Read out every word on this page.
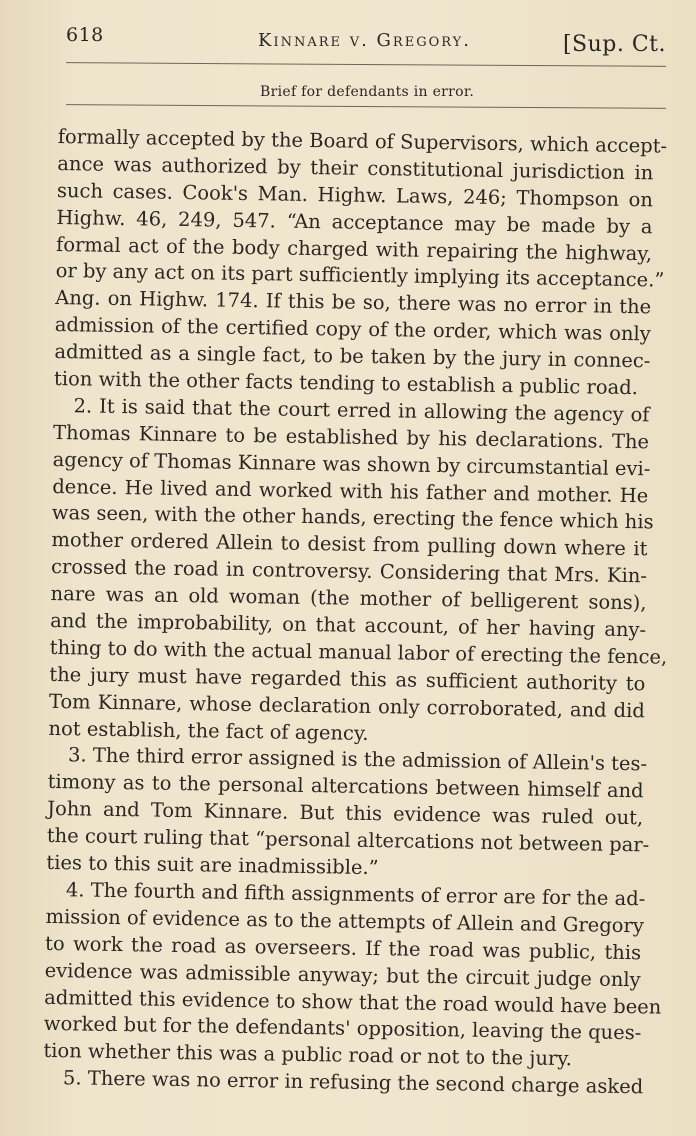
618	Kinnare v. Gregory.	[Sup. Ct.
Brief for defendants in error.
formally accepted by the Board of Supervisors, which accept-
ance was authorized by their constitutional jurisdiction in
such cases. Cook's Man. Highw. Laws, 246; Thompson on
Highw. 46, 249, 547. “An acceptance may be made by a
formal act of the body charged with repairing the highway,
or by any act on its part sufficiently implying its acceptance.”
Ang. on Highw. 174. If this be so, there was no error in the
admission of the certified copy of the order, which was only
admitted as a single fact, to be taken by the jury in connec-
tion with the other facts tending to establish a public road.
2. It is said that the court erred in allowing the agency of
Thomas Kinnare to be established by his declarations. The
agency of Thomas Kinnare was shown by circumstantial evi-
dence. He lived and worked with his father and mother. He
was seen, with the other hands, erecting the fence which his
mother ordered Allein to desist from pulling down where it
crossed the road in controversy. Considering that Mrs. Kin-
nare was an old woman (the mother of belligerent sons),
and the improbability, on that account, of her having any-
thing to do with the actual manual labor of erecting the fence,
the jury must have regarded this as sufficient authority to
Tom Kinnare, whose declaration only corroborated, and did
not establish, the fact of agency.
3. The third error assigned is the admission of Allein's tes-
timony as to the personal altercations between himself and
John and Tom Kinnare. But this evidence was ruled out,
the court ruling that “personal altercations not between par-
ties to this suit are inadmissible.”
4. The fourth and fifth assignments of error are for the ad-
mission of evidence as to the attempts of Allein and Gregory
to work the road as overseers. If the road was public, this
evidence was admissible anyway; but the circuit judge only
admitted this evidence to show that the road would have been
worked but for the defendants' opposition, leaving the ques-
tion whether this was a public road or not to the jury.
5. There was no error in refusing the second charge asked
